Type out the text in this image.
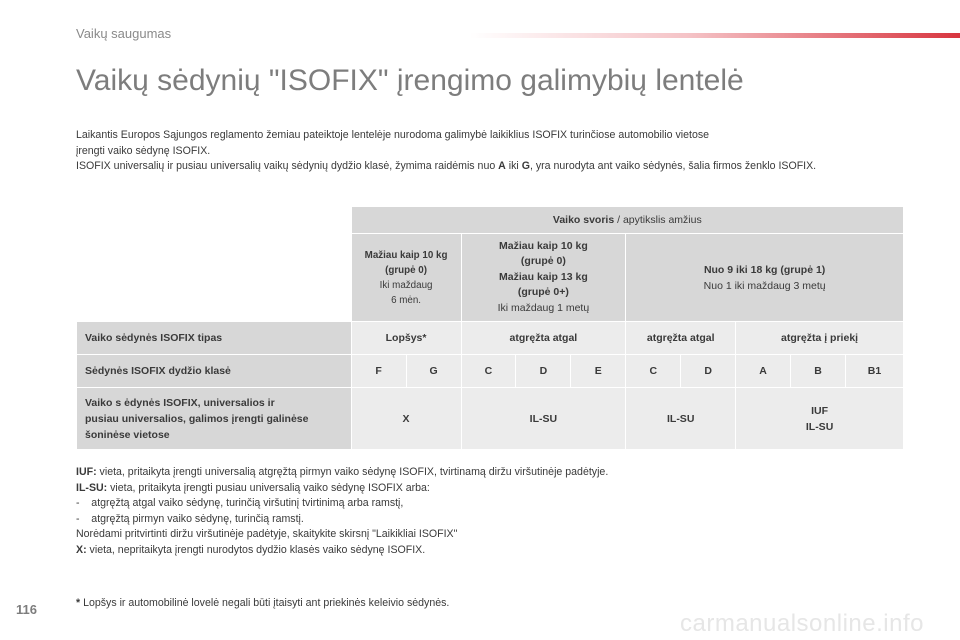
Vaikų saugumas
Vaikų sėdynių "ISOFIX" įrengimo galimybių lentelė

Laikantis Europos Sąjungos reglamento žemiau pateiktoje lentelėje nurodoma galimybė laikiklius ISOFIX turinčiose automobilio vietose

įrengti vaiko sėdynę ISOFIX.

ISOFIX universalių ir pusiau universalių vaikų sėdynių dydžio klasė, žymima raidėmis nuo A iki G, yra nurodyta ant vaiko sėdynės, šalia firmos ženklo ISOFIX.

	Vaiko svoris / apytikslis amžius									
	Mažiau kaip 10 kg
(grupė 0)
Iki maždaug
6 mėn.		Mažiau kaip 10 kg
(grupė 0)
Mažiau kaip 13 kg
(grupė 0+)
Iki maždaug 1 metų			Nuo 9 iki 18 kg (grupė 1)
Nuo 1 iki maždaug 3 metų				
Vaiko sėdynės ISOFIX tipas	Lopšys*		atgręžta atgal			atgręžta atgal		atgręžta į priekį		
Sėdynės ISOFIX dydžio klasė	F	G	C	D	E	C	D	A	B	B1
Vaiko s ėdynės ISOFIX, universalios ir
pusiau universalios, galimos įrengti galinėse
šoninėse vietose	X		IL-SU			IL-SU		IUF
IL-SU		

IUF: vieta, pritaikyta įrengti universalią atgręžtą pirmyn vaiko sėdynę ISOFIX, tvirtinamą diržu viršutinėje padėtyje.

IL-SU: vieta, pritaikyta įrengti pusiau universalią vaiko sėdynę ISOFIX arba:

-    atgręžtą atgal vaiko sėdynę, turinčią viršutinį tvirtinimą arba ramstį,

-    atgręžtą pirmyn vaiko sėdynę, turinčią ramstį.

Norėdami pritvirtinti diržu viršutinėje padėtyje, skaitykite skirsnį "Laikikliai ISOFIX"

X: vieta, nepritaikyta įrengti nurodytos dydžio klasės vaiko sėdynę ISOFIX.

* Lopšys ir automobilinė lovelė negali būti įtaisyti ant priekinės keleivio sėdynės.
116
carmanualsonline.info
